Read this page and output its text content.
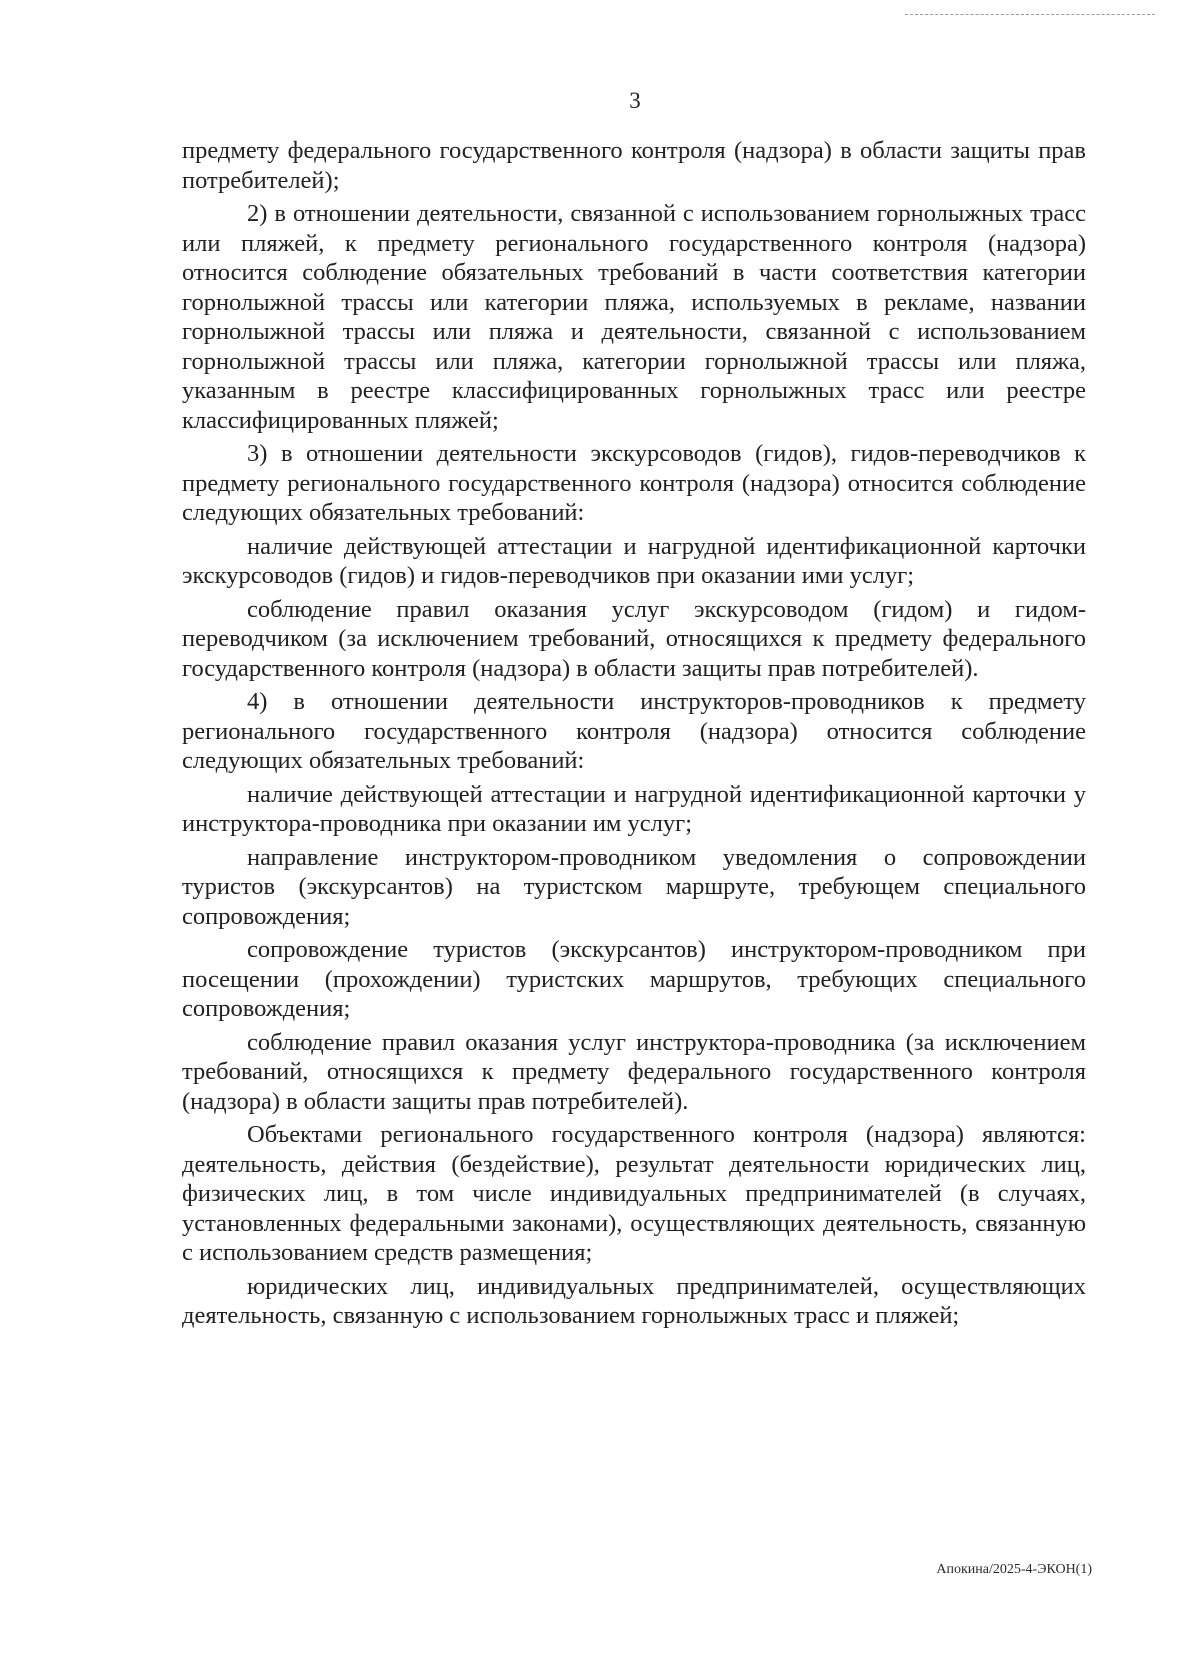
3

предмету федерального государственного контроля (надзора) в области защиты прав потребителей);

2) в отношении деятельности, связанной с использованием горнолыжных трасс или пляжей, к предмету регионального государственного контроля (надзора) относится соблюдение обязательных требований в части соответствия категории горнолыжной трассы или категории пляжа, используемых в рекламе, названии горнолыжной трассы или пляжа и деятельности, связанной с использованием горнолыжной трассы или пляжа, категории горнолыжной трассы или пляжа, указанным в реестре классифицированных горнолыжных трасс или реестре классифицированных пляжей;

3) в отношении деятельности экскурсоводов (гидов), гидов-переводчиков к предмету регионального государственного контроля (надзора) относится соблюдение следующих обязательных требований:

наличие действующей аттестации и нагрудной идентификационной карточки экскурсоводов (гидов) и гидов-переводчиков при оказании ими услуг;

соблюдение правил оказания услуг экскурсоводом (гидом) и гидом-переводчиком (за исключением требований, относящихся к предмету федерального государственного контроля (надзора) в области защиты прав потребителей).

4) в отношении деятельности инструкторов-проводников к предмету регионального государственного контроля (надзора) относится соблюдение следующих обязательных требований:

наличие действующей аттестации и нагрудной идентификационной карточки у инструктора-проводника при оказании им услуг;

направление инструктором-проводником уведомления о сопровождении туристов (экскурсантов) на туристском маршруте, требующем специального сопровождения;

сопровождение туристов (экскурсантов) инструктором-проводником при посещении (прохождении) туристских маршрутов, требующих специального сопровождения;

соблюдение правил оказания услуг инструктора-проводника (за исключением требований, относящихся к предмету федерального государственного контроля (надзора) в области защиты прав потребителей).

Объектами регионального государственного контроля (надзора) являются: деятельность, действия (бездействие), результат деятельности юридических лиц, физических лиц, в том числе индивидуальных предпринимателей (в случаях, установленных федеральными законами), осуществляющих деятельность, связанную с использованием средств размещения;

юридических лиц, индивидуальных предпринимателей, осуществляющих деятельность, связанную с использованием горнолыжных трасс и пляжей;

Апокина/2025-4-ЭКОН(1)
